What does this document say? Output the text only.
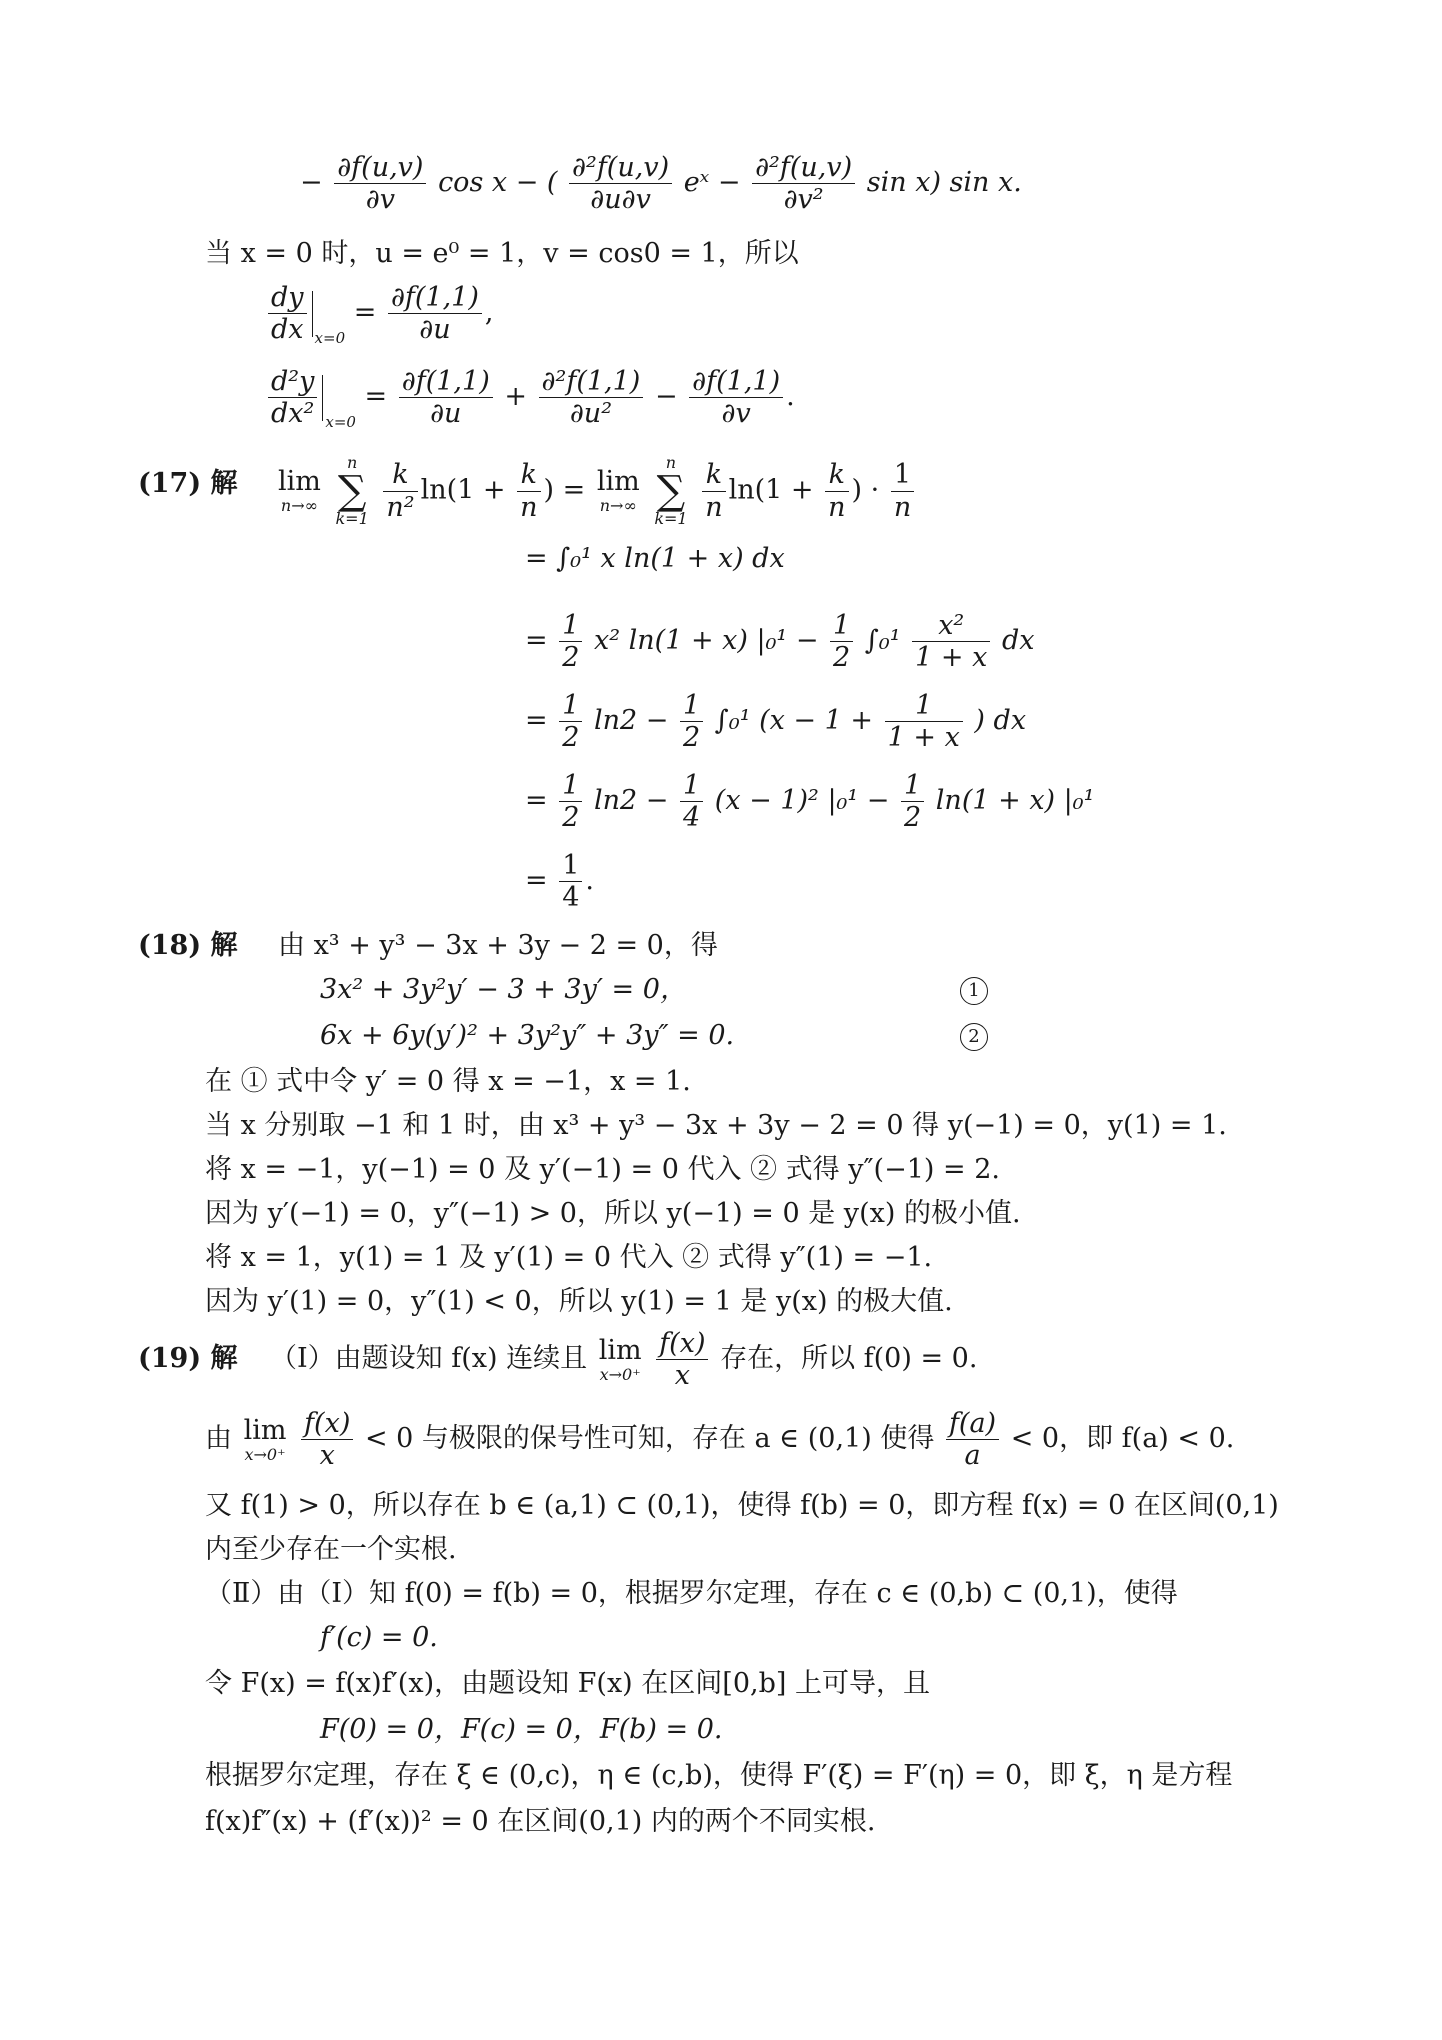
− $\frac{\partial f(u,v)}{\partial v}$ cos x − ( $\frac{\text{∂²f(u,v)}}{\partial u\partial v}$ eˣ − $\frac{\text{∂²f(u,v)}}{\text{∂v²}}$ sin x) sin x.
当 x = 0 时，u = e⁰ = 1，v = cos0 = 1，所以
$\frac{dy}{dx} _{x=0} = \frac{\partial f(1,1)}{\partial u}$ ,
$\frac{\text{d²y}}{\text{dx²}} _{x=0} = \frac{\partial f(1,1)}{\partial u} + \frac{\text{∂²f(1,1)}}{\text{∂u²}} - \frac{\partial f(1,1)}{\partial v}$ .
(17) 解 lim
n→∞

n
∑
k=1
$\frac{k}{\text{n²}} \ln(1 + \frac{k}{n}$ ) = lim
n→∞

n
∑
k=1
$\frac{k}{n} \ln(1 + \frac{k}{n}$ ) · $\frac{1}{n}$
= ∫₀¹ x ln(1 + x) dx
= $\frac{1}{2} x^2$ ln(1 + x) $|_0^1 - \frac{1}{2} \int_0^1 \frac{\text{x²}}{1 + x}$ dx
= $\frac{1}{2} \ln 2 - \frac{1}{2} \int_0^1$ ($x - 1 + \frac{1}{1 + x}$ ) dx
= $\frac{1}{2} \ln 2 - \frac{1}{4} (x - 1)^2$ $|_0^1 - \frac{1}{2} \ln(1 + x)$ |₀¹
= $\frac{1}{4}$ .
(18) 解 由 x³ + y³ − 3x + 3y − 2 = 0，得
3x² + 3y²y′ − 3 + 3y′ = 0，	1
6x + 6y(y′)² + 3y²y″ + 3y″ = 0.	2
在 ① 式中令 y′ = 0 得 x = −1，x = 1.
当 x 分别取 −1 和 1 时，由 x³ + y³ − 3x + 3y − 2 = 0 得 y(−1) = 0，y(1) = 1.
将 x = −1，y(−1) = 0 及 y′(−1) = 0 代入 ② 式得 y″(−1) = 2.
因为 y′(−1) = 0，y″(−1) > 0，所以 y(−1) = 0 是 y(x) 的极小值.
将 x = 1，y(1) = 1 及 y′(1) = 0 代入 ② 式得 y″(1) = −1.
因为 y′(1) = 0，y″(1) < 0，所以 y(1) = 1 是 y(x) 的极大值.
(19) 解 （Ⅰ）由题设知 f(x) 连续且 lim
x→0⁺
$\frac{f(x)}{x}$ 存在，所以 f(0) = 0.
由 lim
x→0⁺
$\frac{f(x)}{x} < 0$ 与极限的保号性可知，存在 a ∈ (0,1) 使得 $\frac{f(a)}{a} < 0$，即 f(a) < 0.
又 f(1) > 0，所以存在 b ∈ (a,1) ⊂ (0,1)，使得 f(b) = 0，即方程 f(x) = 0 在区间(0,1)
内至少存在一个实根.
（Ⅱ）由（Ⅰ）知 f(0) = f(b) = 0，根据罗尔定理，存在 c ∈ (0,b) ⊂ (0,1)，使得
f′(c) = 0.
令 F(x) = f(x)f′(x)，由题设知 F(x) 在区间[0,b] 上可导，且
F(0) = 0，F(c) = 0，F(b) = 0.
根据罗尔定理，存在 ξ ∈ (0,c)，η ∈ (c,b)，使得 F′(ξ) = F′(η) = 0，即 ξ，η 是方程
f(x)f″(x) + (f′(x))² = 0 在区间(0,1) 内的两个不同实根.
